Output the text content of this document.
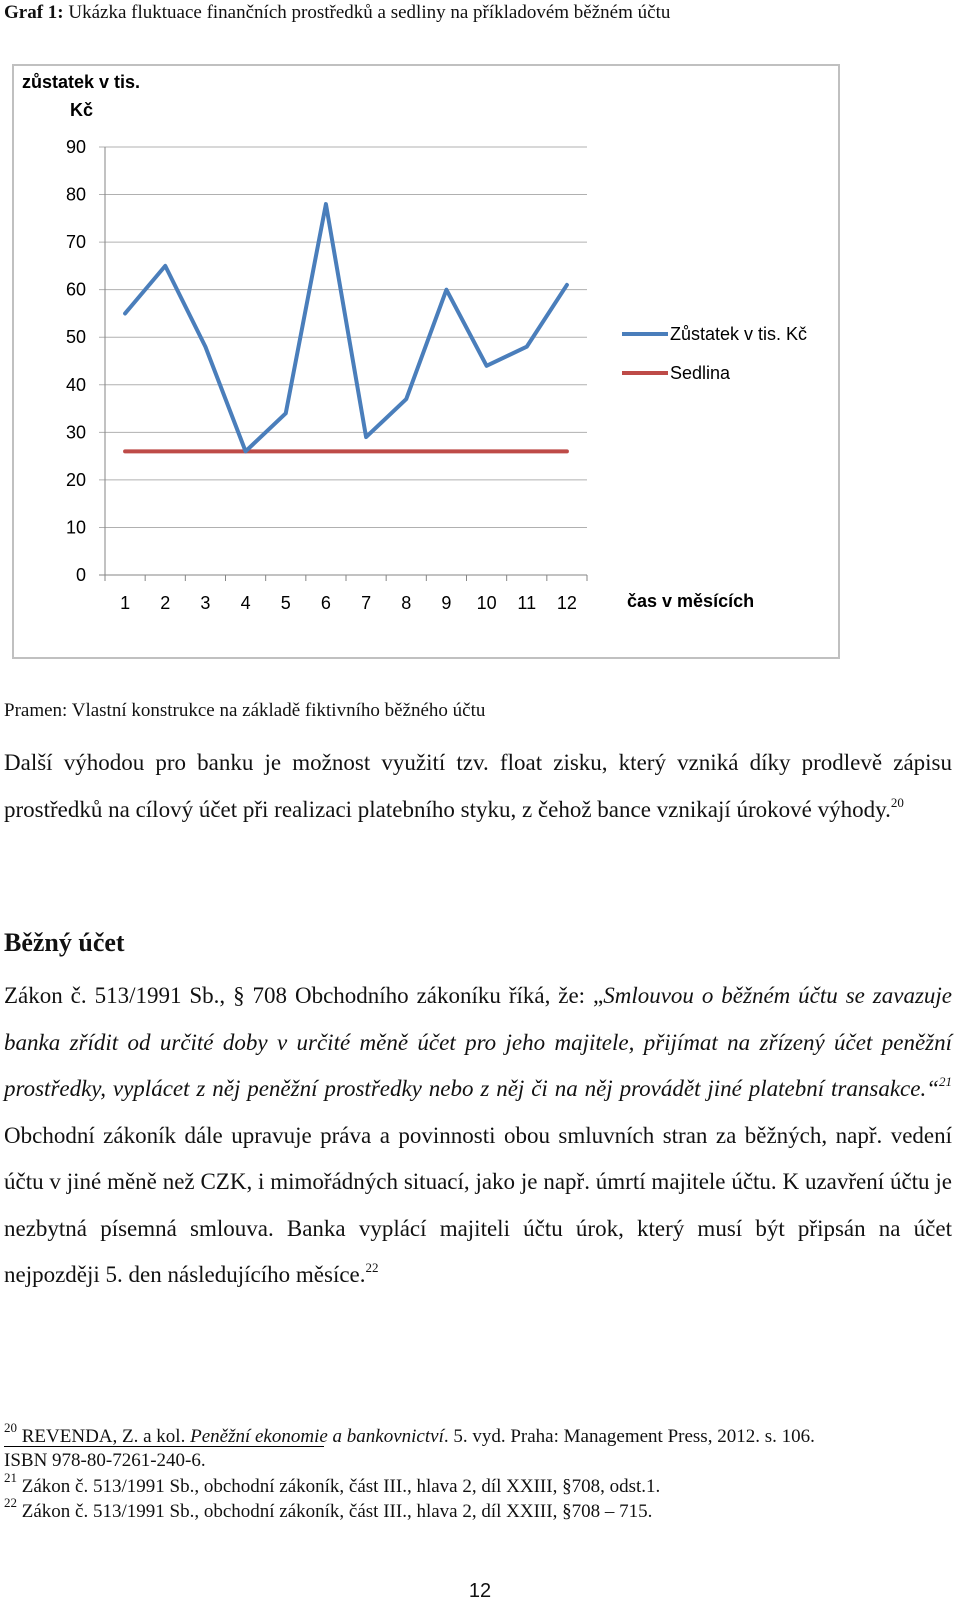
Graf 1: Ukázka fluktuace finančních prostředků a sedliny na příkladovém běžném účtu
0
10
20
30
40
50
60
70
80
90
1 2 3 4 5 6 7 8 9 10 11 12
zůstatek v tis.
Kč
čas v měsících
Zůstatek v tis. Kč
Sedlina
Pramen: Vlastní konstrukce na základě fiktivního běžného účtu

Další výhodou pro banku je možnost využití tzv. float zisku, který vzniká díky prodlevě zápisu prostředků na cílový účet při realizaci platebního styku, z čehož bance vznikají úrokové výhody.$^{20}$

Běžný účet

Zákon č. 513/1991 Sb., § 708 Obchodního zákoníku říká, že: „Smlouvou o běžném účtu se zavazuje banka zřídit od určité doby v určité měně účet pro jeho majitele, přijímat na zřízený účet peněžní prostředky, vyplácet z něj peněžní prostředky nebo z něj či na něj provádět jiné platební transakce.“$^{21}$ Obchodní zákoník dále upravuje práva a povinnosti obou smluvních stran za běžných, např. vedení účtu v jiné měně než CZK, i mimořádných situací, jako je např. úmrtí majitele účtu. K uzavření účtu je nezbytná písemná smlouva. Banka vyplácí majiteli účtu úrok, který musí být připsán na účet nejpozději 5. den následujícího měsíce.$^{22}$

$^{20}$ REVENDA, Z. a kol. Peněžní ekonomie a bankovnictví. 5. vyd. Praha: Management Press, 2012. s. 106.
ISBN 978-80-7261-240-6.
$^{21}$ Zákon č. 513/1991 Sb., obchodní zákoník, část III., hlava 2, díl XXIII, §708, odst.1.
$^{22}$ Zákon č. 513/1991 Sb., obchodní zákoník, část III., hlava 2, díl XXIII, §708 – 715.
12
